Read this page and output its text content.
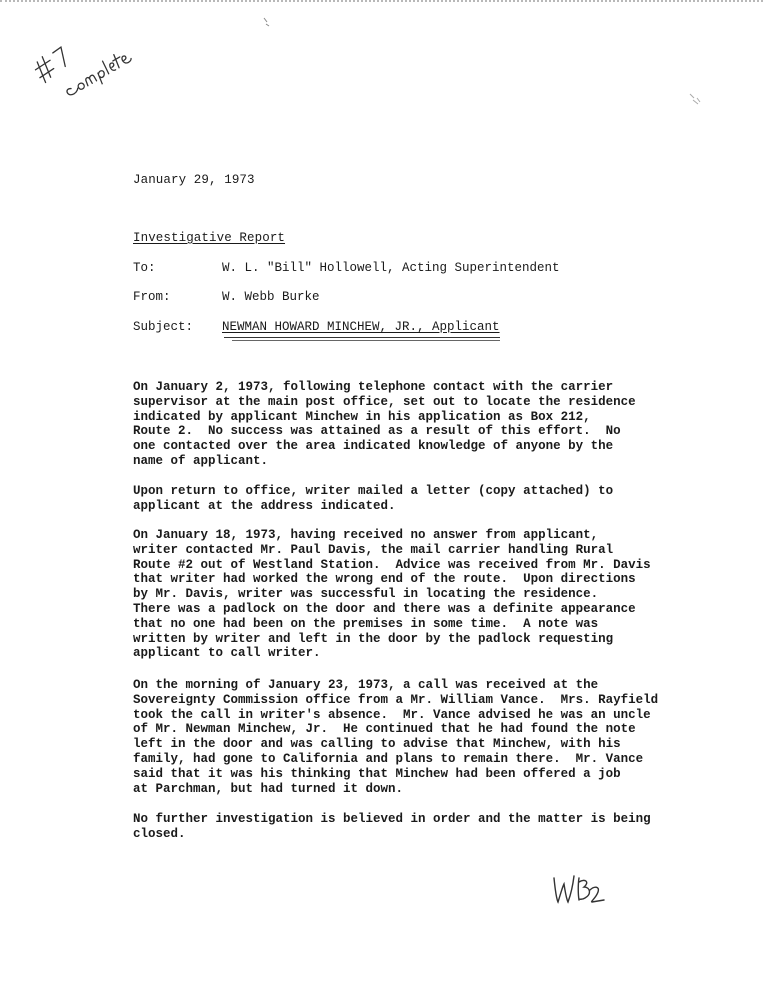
January 29, 1973
Investigative Report
To:	W. L. "Bill" Hollowell, Acting Superintendent
From:	W. Webb Burke
Subject: NEWMAN HOWARD MINCHEW, JR., Applicant
On January 2, 1973, following telephone contact with the carrier
supervisor at the main post office, set out to locate the residence
indicated by applicant Minchew in his application as Box 212,
Route 2.  No success was attained as a result of this effort.  No
one contacted over the area indicated knowledge of anyone by the
name of applicant.
Upon return to office, writer mailed a letter (copy attached) to
applicant at the address indicated.
On January 18, 1973, having received no answer from applicant,
writer contacted Mr. Paul Davis, the mail carrier handling Rural
Route #2 out of Westland Station.  Advice was received from Mr. Davis
that writer had worked the wrong end of the route.  Upon directions
by Mr. Davis, writer was successful in locating the residence.
There was a padlock on the door and there was a definite appearance
that no one had been on the premises in some time.  A note was
written by writer and left in the door by the padlock requesting
applicant to call writer.
On the morning of January 23, 1973, a call was received at the
Sovereignty Commission office from a Mr. William Vance.  Mrs. Rayfield
took the call in writer's absence.  Mr. Vance advised he was an uncle
of Mr. Newman Minchew, Jr.  He continued that he had found the note
left in the door and was calling to advise that Minchew, with his
family, had gone to California and plans to remain there.  Mr. Vance
said that it was his thinking that Minchew had been offered a job
at Parchman, but had turned it down.
No further investigation is believed in order and the matter is being
closed.
